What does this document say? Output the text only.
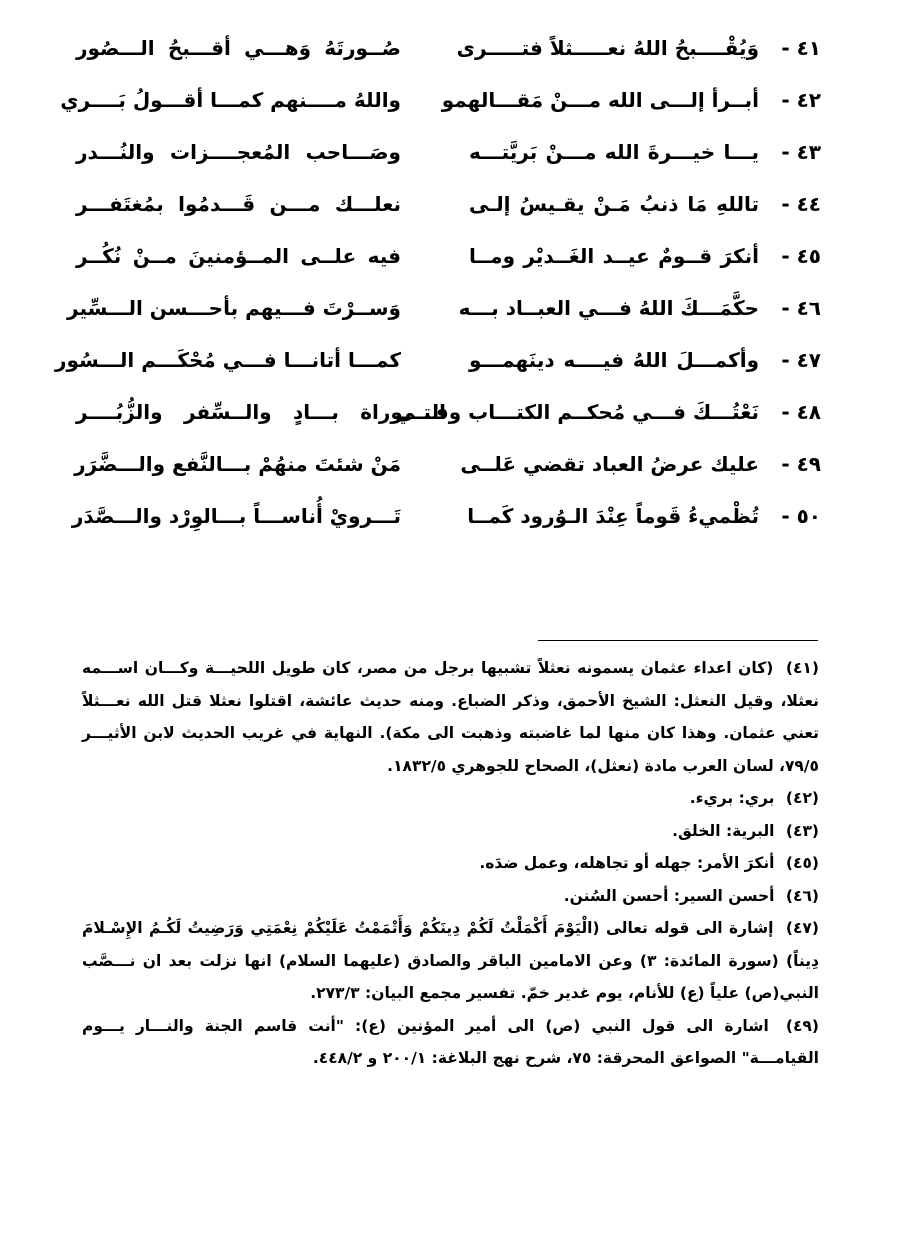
٤١ -
وَيُقْــــبحُ اللهُ نعـــــثلاً فتـــــرى
صُــورتَهُ وَهـــي أقـــبحُ الـــصُور
٤٢ -
أبــرأ إلـــى الله مـــنْ مَقـــالهمو
واللهُ مــــنهم كمـــا أقـــولُ بَــــري
٤٣ -
يـــا خيـــرةَ الله مـــنْ بَريَّتـــه
وصَـــاحب المُعجــــزات والنُـــدر
٤٤ -
تاللهِ مَا ذنبُ مَـنْ يقـيسُ إلـى
نعلـــك مـــن قَـــدمُوا بمُغتَفـــر
٤٥ -
أنكرَ قــومٌ عيــد الغَــديْر ومــا
فيه علــى المــؤمنينَ مــنْ نُكُــر
٤٦ -
حكَّمَـــكَ اللهُ فـــي العبــاد بـــه
وَســرْتَ فـــيهم بأحـــسن الـــسِّير
٤٧ -
وأكمـــلَ اللهُ فيــــه دينَهمـــو
كمـــا أتانـــا فـــي مُحْكَـــم الـــسُور
٤٨ -
نَعْتُـــكَ فـــي مُحكــم الكتـــاب وفـــي
التـــوراة بـــادٍ والــسِّفر والزُّبُــــر
٤٩ -
عليك عرضُ العباد تقضي عَلــى
مَنْ شئتَ منهُمْ بـــالنَّفع والـــضَّرَر
٥٠ -
تُظْميءُ قَوماً عِنْدَ الـوُرود كَمــا
تَـــرويْ أُناســـاً بـــالوِرْد والـــصَّدَر
(٤١) (كان اعداء عثمان يسمونه نعثلاً تشبيها برجل من مصر، كان طويل اللحيـــة وكـــان اســـمه نعثلا، وقيل النعثل: الشيخ الأحمق، وذكر الضباع. ومنه حديث عائشة، اقتلوا نعثلا قتل الله نعـــثلاً تعني عثمان. وهذا كان منها لما غاضبته وذهبت الى مكة). النهاية في غريب الحديث لابن الأثيـــر ٧٩/٥، لسان العرب مادة (نعثل)، الصحاح للجوهري ١٨٣٢/٥.
(٤٢) بري: بريء.
(٤٣) البرية: الخلق.
(٤٥) أنكرَ الأمر: جهله أو تجاهله، وعمل ضدَه.
(٤٦) أحسن السير: أحسن السُنن.
(٤٧) إشارة الى قوله تعالى (الْيَوْمَ أَكْمَلْتُ لَكُمْ دِينَكُمْ وَأَتْمَمْتُ عَلَيْكُمْ نِعْمَتِي وَرَضِيتُ لَكُـمُ الإِسْـلامَ دِيناً) (سورة المائدة: ٣) وعن الامامين الباقر والصادق (عليهما السلام) انها نزلت بعد ان نـــصَّب النبي(ص) علياً (ع) للأنام، يوم غدير خمّ. تفسير مجمع البيان: ٢٧٣/٣.
(٤٩) اشارة الى قول النبي (ص) الى أمير المؤنين (ع): "أنت قاسم الجنة والنـــار يـــوم القيامـــة" الصواعق المحرقة: ٧٥، شرح نهج البلاغة: ٢٠٠/١ و ٤٤٨/٢.
